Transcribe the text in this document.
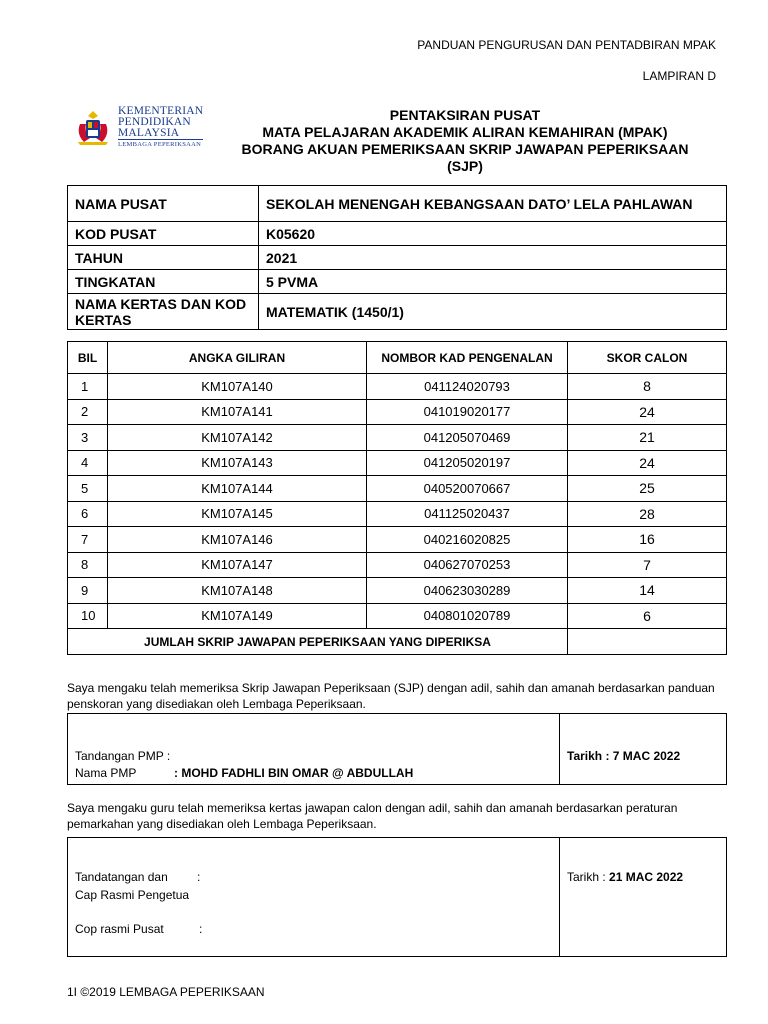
PANDUAN PENGURUSAN DAN PENTADBIRAN MPAK
LAMPIRAN D
KEMENTERIAN
PENDIDIKAN
MALAYSIA
LEMBAGA PEPERIKSAAN
PENTAKSIRAN PUSAT
MATA PELAJARAN AKADEMIK ALIRAN KEMAHIRAN (MPAK)
BORANG AKUAN PEMERIKSAAN SKRIP JAWAPAN PEPERIKSAAN
(SJP)
NAMA PUSAT	SEKOLAH MENENGAH KEBANGSAAN DATO’ LELA PAHLAWAN
KOD PUSAT	K05620
TAHUN	2021
TINGKATAN	5 PVMA
NAMA KERTAS DAN KOD KERTAS	MATEMATIK (1450/1)
BIL	ANGKA GILIRAN	NOMBOR KAD PENGENALAN	SKOR CALON
1	KM107A140	041124020793	8
2	KM107A141	041019020177	24
3	KM107A142	041205070469	21
4	KM107A143	041205020197	24
5	KM107A144	040520070667	25
6	KM107A145	041125020437	28
7	KM107A146	040216020825	16
8	KM107A147	040627070253	7
9	KM107A148	040623030289	14
10	KM107A149	040801020789	6
JUMLAH SKRIP JAWAPAN PEPERIKSAAN YANG DIPERIKSA			
Saya mengaku telah memeriksa Skrip Jawapan Peperiksaan (SJP) dengan adil, sahih dan amanah berdasarkan panduan penskoran yang disediakan oleh Lembaga Peperiksaan.
Tandangan PMP :
Nama PMP	: MOHD FADHLI BIN OMAR @ ABDULLAH
Tarikh : 7 MAC 2022
Saya mengaku guru telah memeriksa kertas jawapan calon dengan adil, sahih dan amanah berdasarkan peraturan pemarkahan yang disediakan oleh Lembaga Peperiksaan.
Tandatangan dan :
Cap Rasmi Pengetua
Cop rasmi Pusat	:
Tarikh : 21 MAC 2022
1I ©2019 LEMBAGA PEPERIKSAAN
